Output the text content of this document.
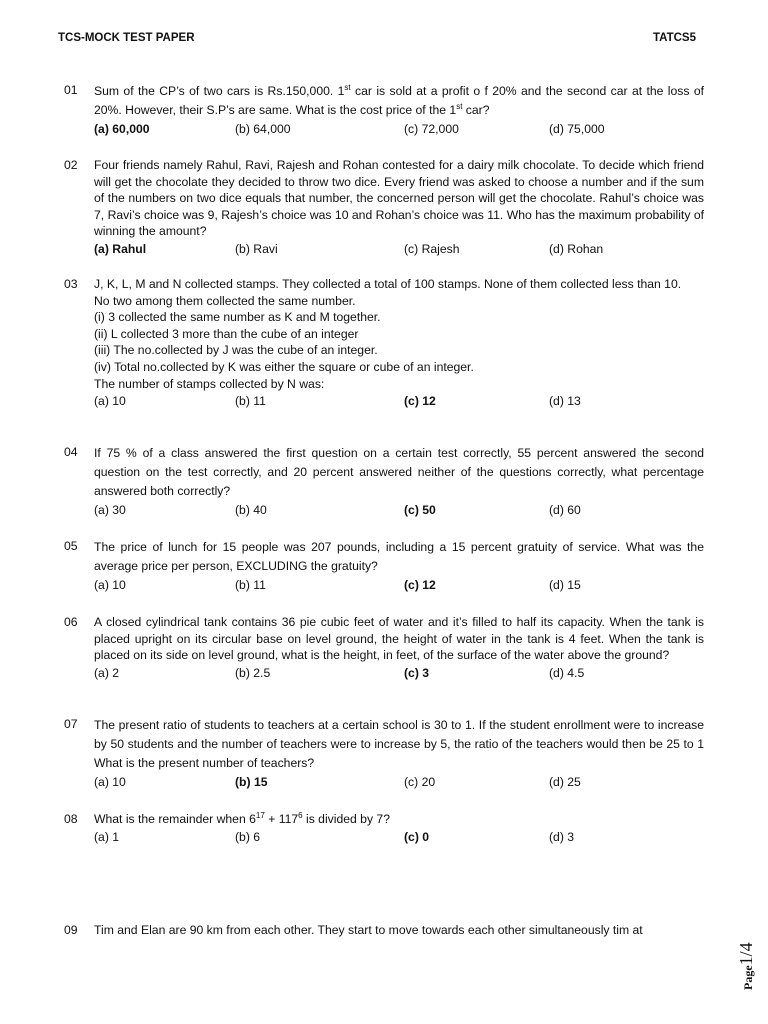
TCS-MOCK TEST PAPER	TATCS5
01	Sum of the CP’s of two cars is Rs.150,000. 1st car is sold at a profit o f 20% and the second car at the loss of 20%. However, their S.P’s are same. What is the cost price of the 1st car?
(a) 60,000	(b) 64,000	(c) 72,000	(d) 75,000
02	Four friends namely Rahul, Ravi, Rajesh and Rohan contested for a dairy milk chocolate. To decide which friend will get the chocolate they decided to throw two dice. Every friend was asked to choose a number and if the sum of the numbers on two dice equals that number, the concerned person will get the chocolate. Rahul’s choice was 7, Ravi’s choice was 9, Rajesh’s choice was 10 and Rohan’s choice was 11. Who has the maximum probability of winning the amount?
(a) Rahul	(b) Ravi	(c) Rajesh	(d) Rohan
03	J, K, L, M and N collected stamps. They collected a total of 100 stamps. None of them collected less than 10.
No two among them collected the same number.
(i) 3 collected the same number as K and M together.
(ii) L collected 3 more than the cube of an integer
(iii) The no.collected by J was the cube of an integer.
(iv) Total no.collected by K was either the square or cube of an integer.
The number of stamps collected by N was:
(a) 10	(b) 11	(c) 12	(d) 13
04	If 75 % of a class answered the first question on a certain test correctly, 55 percent answered the second question on the test correctly, and 20 percent answered neither of the questions correctly, what percentage answered both correctly?
(a) 30	(b) 40	(c) 50	(d) 60
05	The price of lunch for 15 people was 207 pounds, including a 15 percent gratuity of service. What was the average price per person, EXCLUDING the gratuity?
(a) 10	(b) 11	(c) 12	(d) 15
06	A closed cylindrical tank contains 36 pie cubic feet of water and it’s filled to half its capacity. When the tank is placed upright on its circular base on level ground, the height of water in the tank is 4 feet. When the tank is placed on its side on level ground, what is the height, in feet, of the surface of the water above the ground?
(a) 2	(b) 2.5	(c) 3	(d) 4.5
07	The present ratio of students to teachers at a certain school is 30 to 1. If the student enrollment were to increase by 50 students and the number of teachers were to increase by 5, the ratio of the teachers would then be 25 to 1 What is the present number of teachers?
(a) 10	(b) 15	(c) 20	(d) 25
08	What is the remainder when $6^{17} + 117^6$ is divided by 7?
(a) 1	(b) 6	(c) 0	(d) 3
09	Tim and Elan are 90 km from each other. They start to move towards each other simultaneously tim at
Page1/4
